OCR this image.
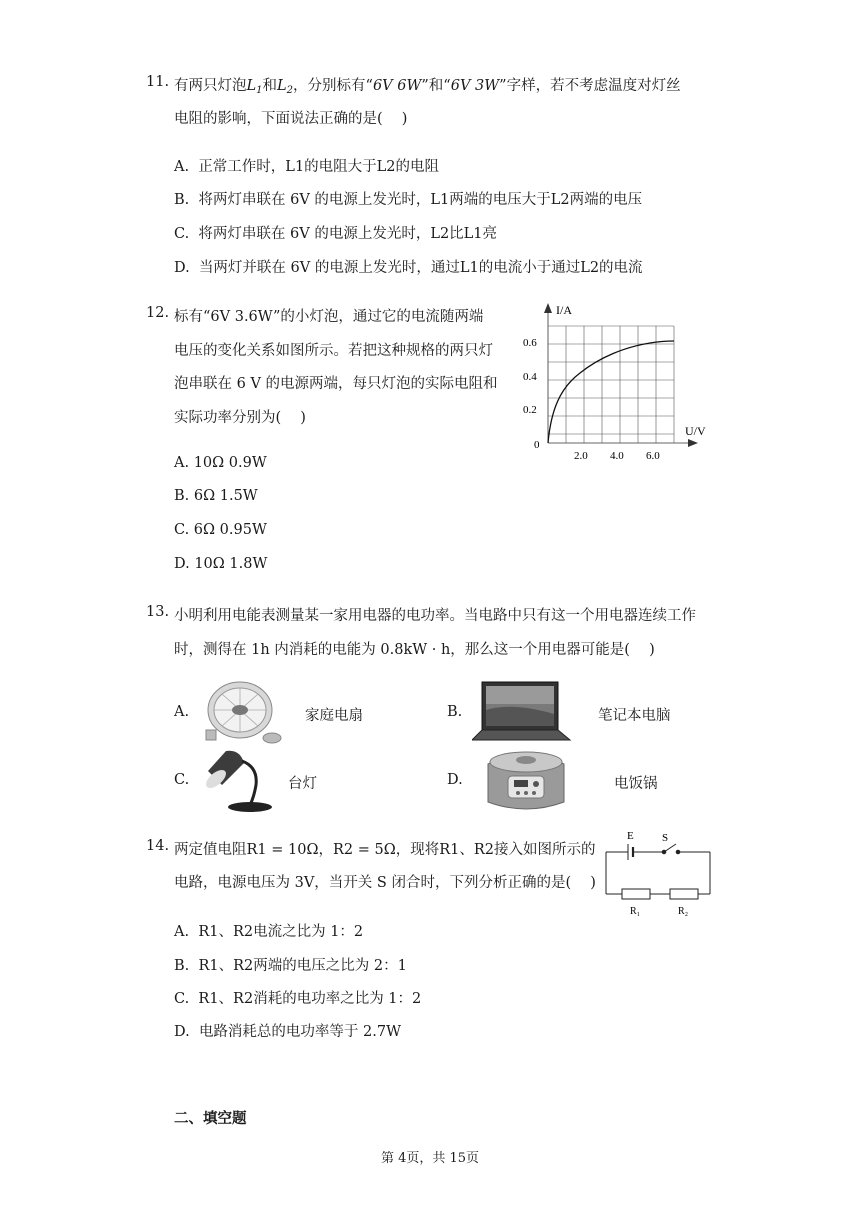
11. 有两只灯泡$L_1$和$L_2$，分别标有“6V 6W”和“6V 3W”字样，若不考虑温度对灯丝
电阻的影响，下面说法正确的是(　 )
A. 正常工作时，L1的电阻大于L2的电阻
B. 将两灯串联在 6V 的电源上发光时，L1两端的电压大于L2两端的电压
C. 将两灯串联在 6V 的电源上发光时，L2比L1亮
D. 当两灯并联在 6V 的电源上发光时，通过L1的电流小于通过L2的电流
12. 标有“6V 3.6W”的小灯泡，通过它的电流随两端
电压的变化关系如图所示。若把这种规格的两只灯
泡串联在 6 V 的电源两端，每只灯泡的实际电阻和
实际功率分别为(　 )
I/A
U/V
0
0.2
0.4
0.6
2.0 4.0 6.0
A. 10Ω 0.9W
B. 6Ω 1.5W
C. 6Ω 0.95W
D. 10Ω 1.8W
13. 小明利用电能表测量某一家用电器的电功率。当电路中只有这一个用电器连续工作
时，测得在 1h 内消耗的电能为 0.8kW · h，那么这一个用电器可能是(　 )
A.	家庭电扇	B.	笔记本电脑
C.	台灯	D.	电饭锅
14. 两定值电阻R1 = 10Ω，R2 = 5Ω，现将R1、R2接入如图所示的
电路，电源电压为 3V，当开关 S 闭合时，下列分析正确的是(　 )
E	S
R₁	R₂
A. R1、R2电流之比为 1：2
B. R1、R2两端的电压之比为 2：1
C. R1、R2消耗的电功率之比为 1：2
D. 电路消耗总的电功率等于 2.7W
二、填空题
第 4页，共 15页
